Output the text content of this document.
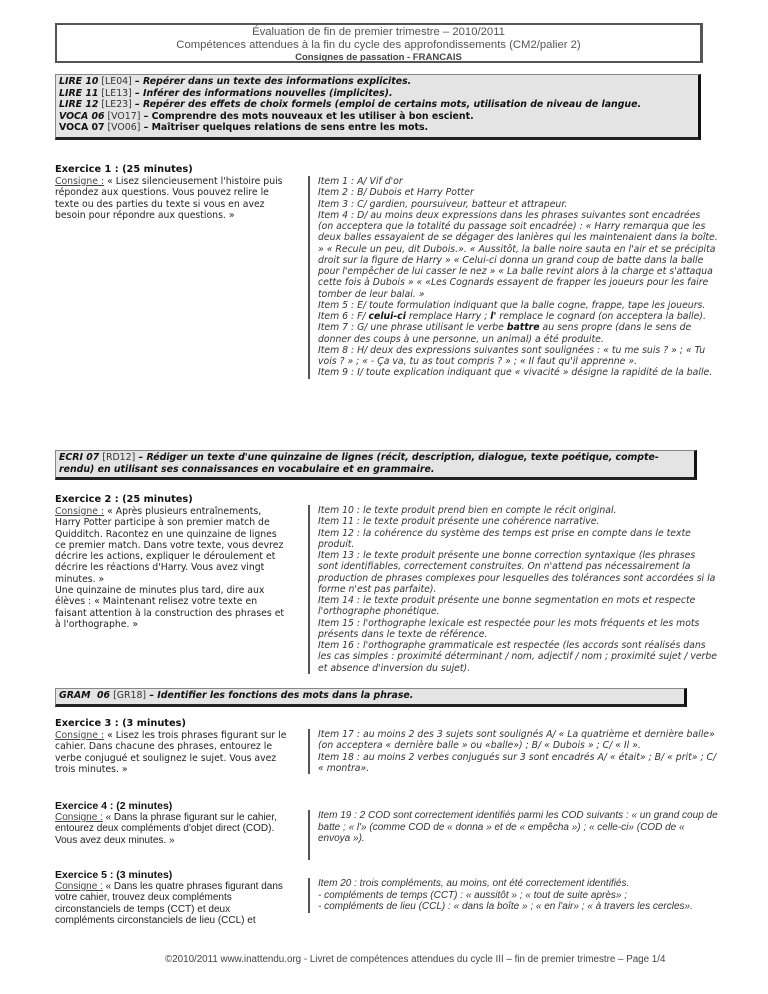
Évaluation de fin de premier trimestre – 2010/2011
Compétences attendues à la fin du cycle des approfondissements (CM2/palier 2)
Consignes de passation - FRANCAIS
LIRE 10 [LE04] – Repérer dans un texte des informations explicites.
LIRE 11 [LE13] – Inférer des informations nouvelles (implicites).
LIRE 12 [LE23] – Repérer des effets de choix formels (emploi de certains mots, utilisation de niveau de langue.
VOCA 06 [VO17] – Comprendre des mots nouveaux et les utiliser à bon escient.
VOCA 07 [VO06] – Maîtriser quelques relations de sens entre les mots.
Exercice 1 : (25 minutes)
Consigne : « Lisez silencieusement l'histoire puis répondez aux questions. Vous pouvez relire le texte ou des parties du texte si vous en avez besoin pour répondre aux questions. »
Item 1 : A/ Vif d'or
Item 2 : B/ Dubois et Harry Potter
Item 3 : C/ gardien, poursuiveur, batteur et attrapeur.
Item 4 : D/ au moins deux expressions dans les phrases suivantes sont encadrées (on acceptera que la totalité du passage soit encadrée) : « Harry remarqua que les deux balles essayaient de se dégager des lanières qui les maintenaient dans la boîte. » « Recule un peu, dit Dubois.». « Aussitôt, la balle noire sauta en l'air et se précipita droit sur la figure de Harry » « Celui-ci donna un grand coup de batte dans la balle pour l'empêcher de lui casser le nez » « La balle revint alors à la charge et s'attaqua cette fois à Dubois » « «Les Cognards essayent de frapper les joueurs pour les faire tomber de leur balai. »
Item 5 : E/ toute formulation indiquant que la balle cogne, frappe, tape les joueurs.
Item 6 : F/ celui-ci remplace Harry ; l' remplace le cognard (on acceptera la balle).
Item 7 : G/ une phrase utilisant le verbe battre au sens propre (dans le sens de donner des coups à une personne, un animal) a été produite.
Item 8 : H/ deux des expressions suivantes sont soulignées : « tu me suis ? » ; « Tu vois ? » ; « - Ça va, tu as tout compris ? » ; « Il faut qu'il apprenne ».
Item 9 : I/ toute explication indiquant que « vivacité » désigne la rapidité de la balle.
ECRI 07 [RD12] – Rédiger un texte d'une quinzaine de lignes (récit, description, dialogue, texte poétique, compte-rendu) en utilisant ses connaissances en vocabulaire et en grammaire.
Exercice 2 : (25 minutes)
Consigne : « Après plusieurs entraînements, Harry Potter participe à son premier match de Quidditch. Racontez en une quinzaine de lignes ce premier match. Dans votre texte, vous devrez décrire les actions, expliquer le déroulement et décrire les réactions d'Harry. Vous avez vingt minutes. »
Une quinzaine de minutes plus tard, dire aux élèves : « Maintenant relisez votre texte en faisant attention à la construction des phrases et à l'orthographe. »
Item 10 : le texte produit prend bien en compte le récit original.
Item 11 : le texte produit présente une cohérence narrative.
Item 12 : la cohérence du système des temps est prise en compte dans le texte produit.
Item 13 : le texte produit présente une bonne correction syntaxique (les phrases sont identifiables, correctement construites. On n'attend pas nécessairement la production de phrases complexes pour lesquelles des tolérances sont accordées si la forme n'est pas parfaite).
Item 14 : le texte produit présente une bonne segmentation en mots et respecte l'orthographe phonétique.
Item 15 : l'orthographe lexicale est respectée pour les mots fréquents et les mots présents dans le texte de référence.
Item 16 : l'orthographe grammaticale est respectée (les accords sont réalisés dans les cas simples : proximité déterminant / nom, adjectif / nom ; proximité sujet / verbe et absence d'inversion du sujet).
GRAM  06 [GR18] – Identifier les fonctions des mots dans la phrase.
Exercice 3 : (3 minutes)
Consigne : « Lisez les trois phrases figurant sur le cahier. Dans chacune des phrases, entourez le verbe conjugué et soulignez le sujet. Vous avez trois minutes. »
Item 17 : au moins 2 des 3 sujets sont soulignés A/ « La quatrième et dernière balle» (on acceptera « dernière balle » ou «balle») ; B/ « Dubois » ; C/ « Il ».
Item 18 : au moins 2 verbes conjugués sur 3 sont encadrés A/ « était» ; B/ « prit» ; C/ « montra».
Exercice 4 : (2 minutes)
Consigne : « Dans la phrase figurant sur le cahier, entourez deux compléments d'objet direct (COD). Vous avez deux minutes. »
Item 19 : 2 COD sont correctement identifiés parmi les COD suivants : « un grand coup de batte ; « l'» (comme COD de « donna » et de « empêcha ») ; « celle-ci» (COD de « envoya »).
Exercice 5 : (3 minutes)
Consigne : « Dans les quatre phrases figurant dans votre cahier, trouvez deux compléments circonstanciels de temps (CCT) et deux compléments circonstanciels de lieu (CCL) et
Item 20 : trois compléments, au moins, ont été correctement identifiés.
- compléments de temps (CCT) : « aussitôt » ; « tout de suite après» ;
- compléments de lieu (CCL) : « dans la boîte » ; « en l'air» ; « à travers les cercles».
©2010/2011 www.inattendu.org - Livret de compétences attendues du cycle III – fin de premier trimestre – Page 1/4
